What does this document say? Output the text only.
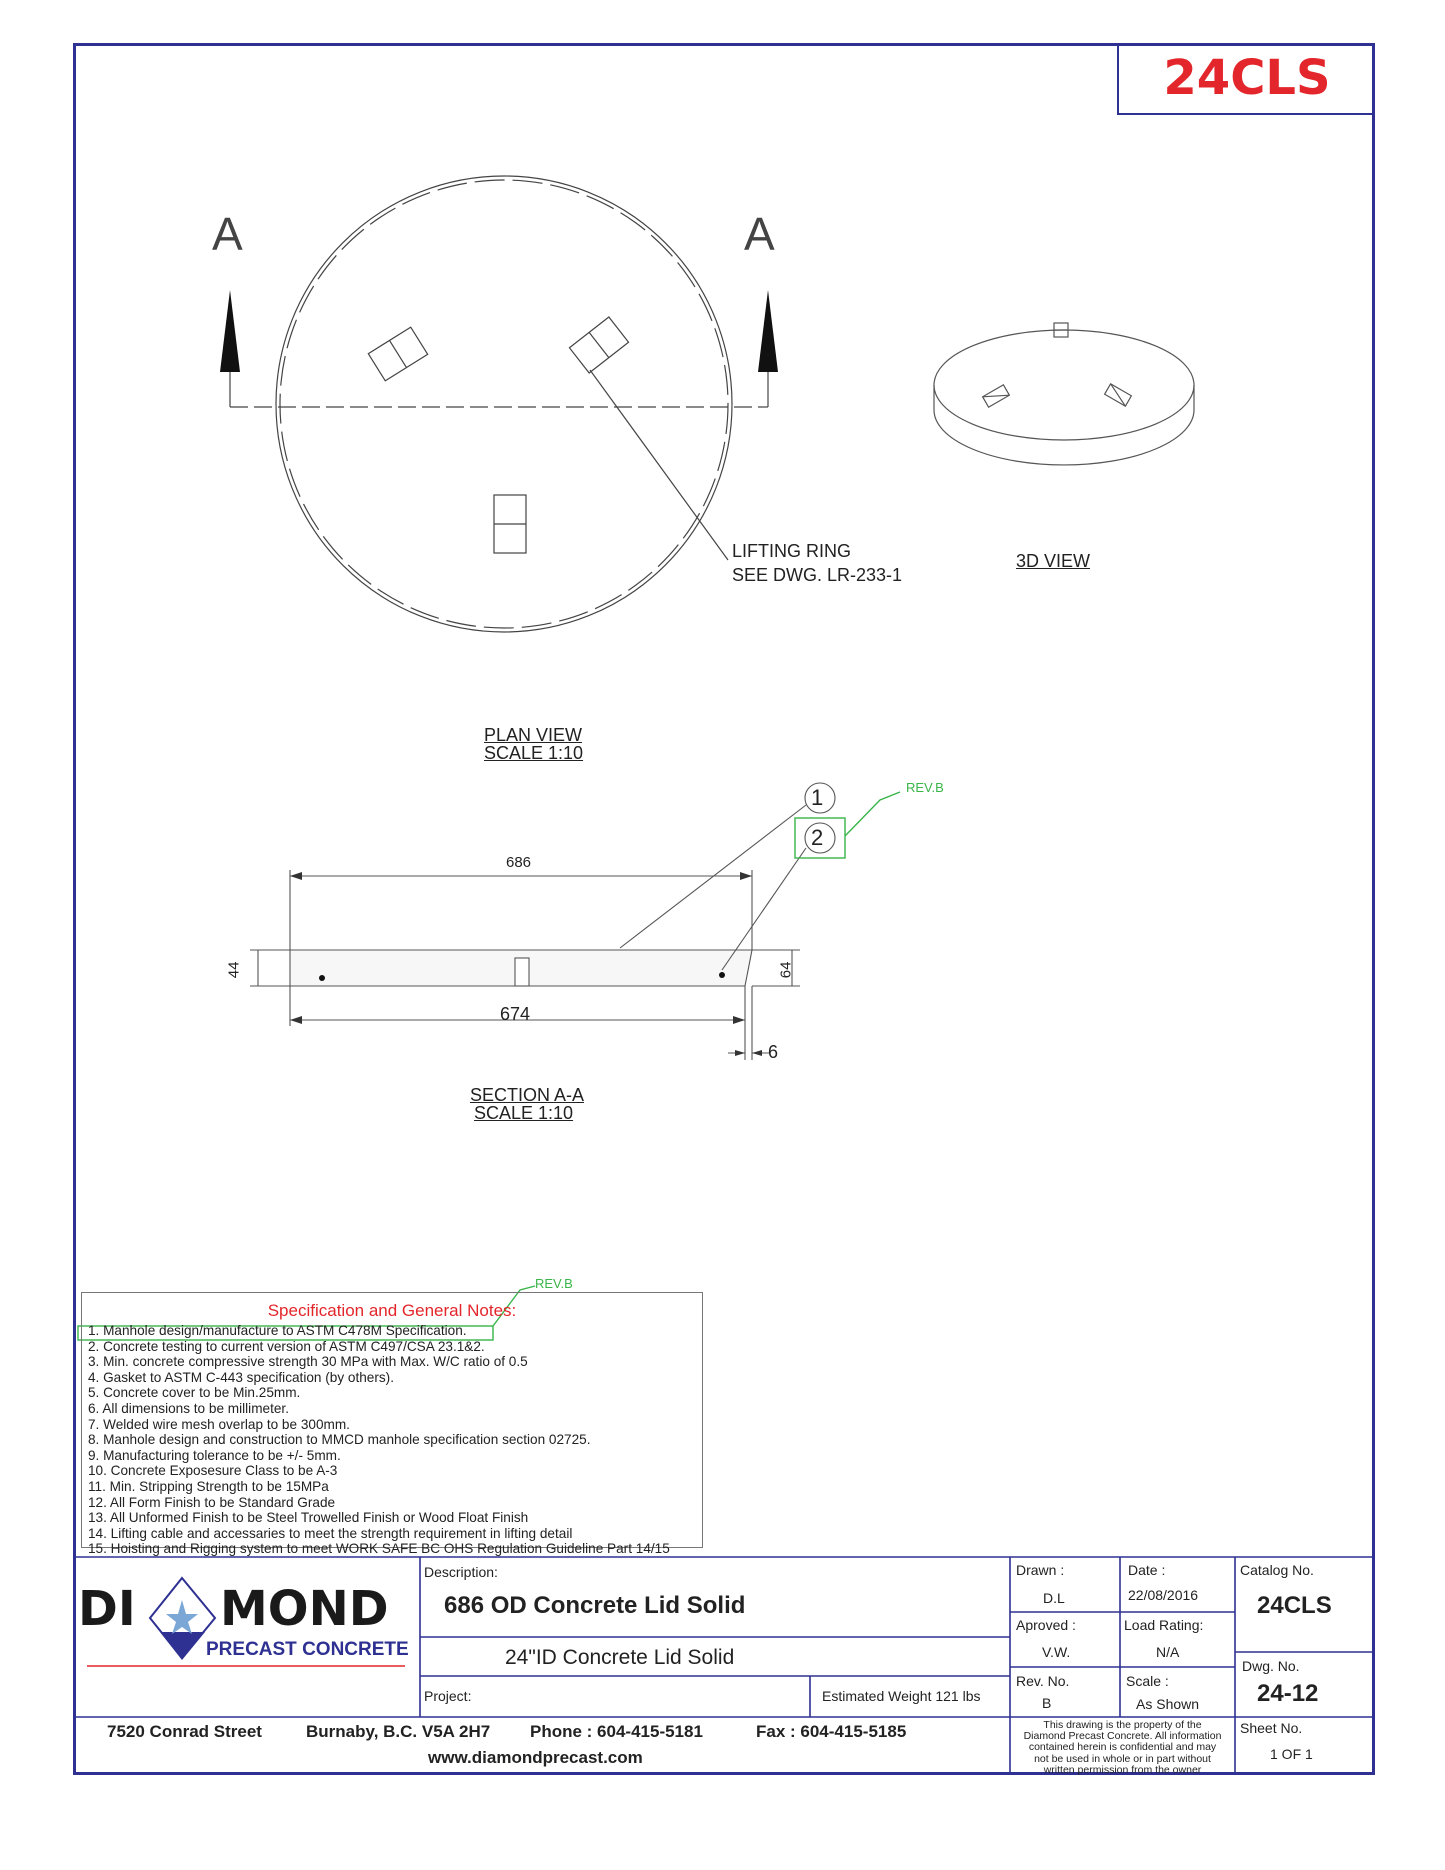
24CLS
A	A
LIFTING RING
SEE DWG. LR-233-1
3D VIEW
PLAN VIEW
SCALE 1:10
1
2
REV.B
686
674
44	64
6
SECTION A-A
SCALE 1:10
REV.B
Specification and General Notes:
1. Manhole design/manufacture to ASTM C478M Specification.
2. Concrete testing to current version of ASTM C497/CSA 23.1&2.
3. Min. concrete compressive strength 30 MPa with Max. W/C ratio of 0.5
4. Gasket to ASTM C-443 specification (by others).
5. Concrete cover to be Min.25mm.
6. All dimensions to be millimeter.
7. Welded wire mesh overlap to be 300mm.
8. Manhole design and construction to MMCD manhole specification section 02725.
9. Manufacturing tolerance to be +/- 5mm.
10. Concrete Exposesure Class to be A-3
11. Min. Stripping Strength to be 15MPa
12. All Form Finish to be Standard Grade
13. All Unformed Finish to be Steel Trowelled Finish or Wood Float Finish
14. Lifting cable and accessaries to meet the strength requirement in lifting detail
15. Hoisting and Rigging system to meet WORK SAFE BC OHS Regulation Guideline Part 14/15
DI MOND
PRECAST CONCRETE
Description:
686 OD Concrete Lid Solid
24"ID Concrete Lid Solid
Project:	Estimated Weight 121 lbs
Drawn :
D.L
Date :
22/08/2016
Aproved :
V.W.
Load Rating:
N/A
Rev. No.
B
Scale :
As Shown
Catalog No.
24CLS
Dwg. No.
24-12
Sheet No.
1 OF 1
This drawing is the property of the
Diamond Precast Concrete. All information
contained herein is confidential and may
not be used in whole or in part without
written permission from the owner
7520 Conrad Street	Burnaby, B.C. V5A 2H7 Phone : 604-415-5181	Fax : 604-415-5185
www.diamondprecast.com
